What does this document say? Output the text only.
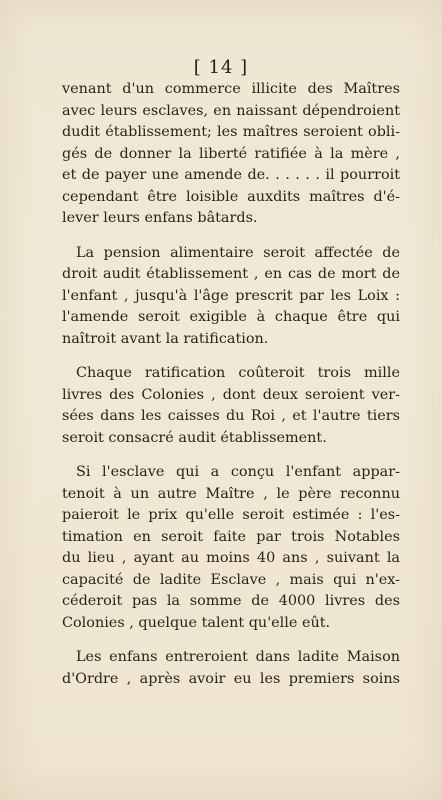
[ 14 ]
venant d'un commerce illicite des Maîtres
avec leurs esclaves, en naissant dépendroient
dudit établissement; les maîtres seroient obli-
gés de donner la liberté ratifiée à la mère ,
et de payer une amende de. . . . . . il pourroit
cependant être loisible auxdits maîtres d'é-
lever leurs enfans bâtards.
La pension alimentaire seroit affectée de
droit audit établissement , en cas de mort de
l'enfant , jusqu'à l'âge prescrit par les Loix :
l'amende seroit exigible à chaque être qui
naîtroit avant la ratification.
Chaque ratification coûteroit trois mille
livres des Colonies , dont deux seroient ver-
sées dans les caisses du Roi , et l'autre tiers
seroit consacré audit établissement.
Si l'esclave qui a conçu l'enfant appar-
tenoit à un autre Maître , le père reconnu
paieroit le prix qu'elle seroit estimée : l'es-
timation en seroit faite par trois Notables
du lieu , ayant au moins 40 ans , suivant la
capacité de ladite Esclave , mais qui n'ex-
céderoit pas la somme de 4000 livres des
Colonies , quelque talent qu'elle eût.
Les enfans entreroient dans ladite Maison
d'Ordre , après avoir eu les premiers soins
